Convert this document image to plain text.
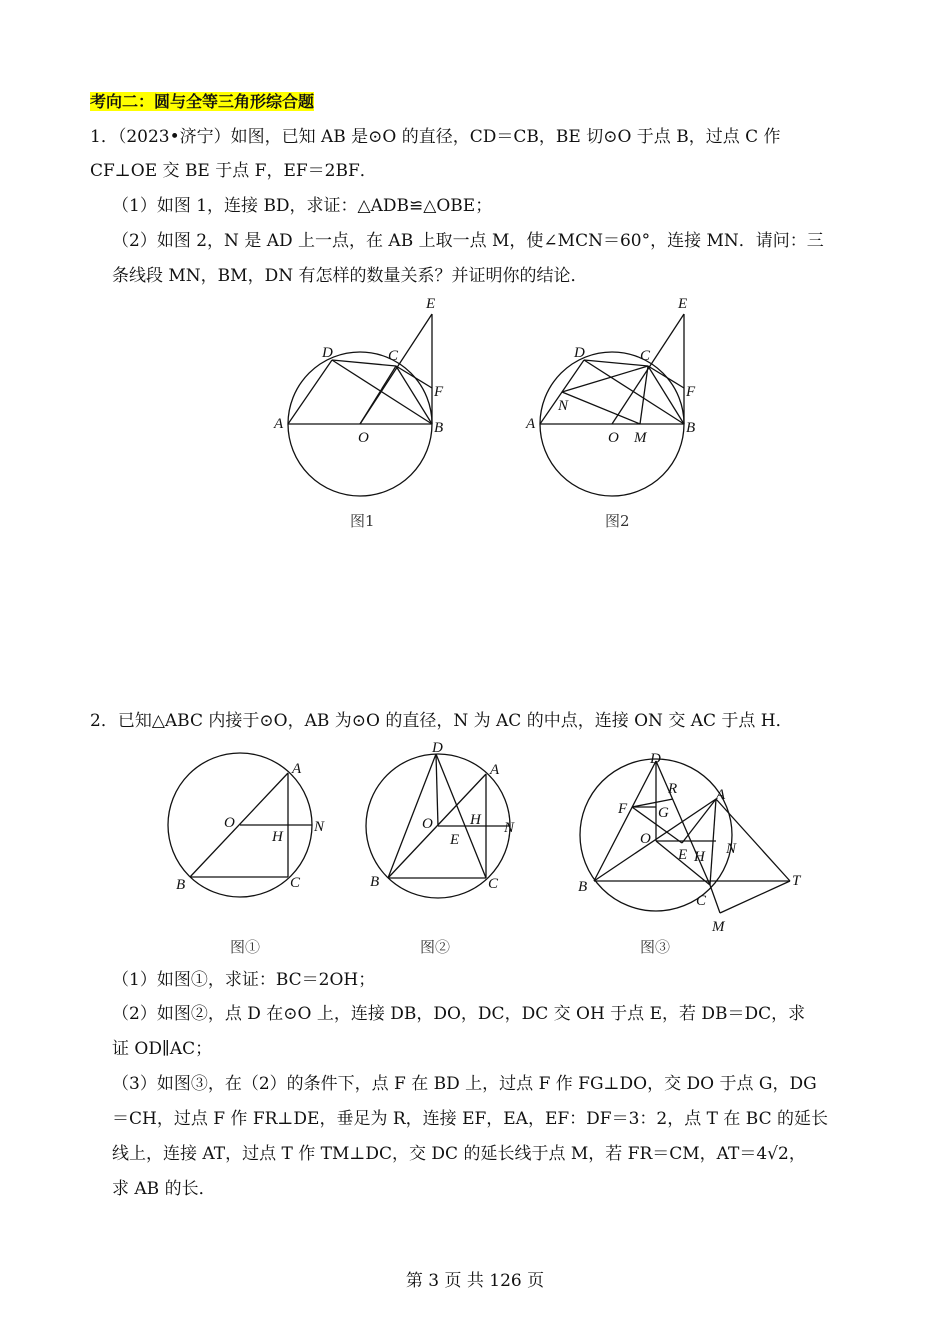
考向二：圆与全等三角形综合题
1．（2023•济宁）如图，已知 AB 是⊙O 的直径，CD＝CB，BE 切⊙O 于点 B，过点 C 作
CF⊥OE 交 BE 于点 F，EF＝2BF．
（1）如图 1，连接 BD，求证：△ADB≌△OBE；
（2）如图 2，N 是 AD 上一点，在 AB 上取一点 M，使∠MCN＝60°，连接 MN．请问：三
条线段 MN，BM，DN 有怎样的数量关系？并证明你的结论．
A	B
D	C
E
F
O
图1
A	B
D	C
E
F
O M
N
图2
2．已知△ABC 内接于⊙O，AB 为⊙O 的直径，N 为 AC 的中点，连接 ON 交 AC 于点 H．
A
B	C
O
H
N
图①
D
A
B	C
O H
E
N
图②
D
A
B
C
T
M
F G
R
O
E H N
图③
（1）如图①，求证：BC＝2OH；
（2）如图②，点 D 在⊙O 上，连接 DB，DO，DC，DC 交 OH 于点 E，若 DB＝DC，求
证 OD∥AC；
（3）如图③，在（2）的条件下，点 F 在 BD 上，过点 F 作 FG⊥DO，交 DO 于点 G，DG
＝CH，过点 F 作 FR⊥DE，垂足为 R，连接 EF，EA，EF：DF＝3：2，点 T 在 BC 的延长
线上，连接 AT，过点 T 作 TM⊥DC，交 DC 的延长线于点 M，若 FR＝CM，AT＝4√2，
求 AB 的长．
第 3 页 共 126 页
